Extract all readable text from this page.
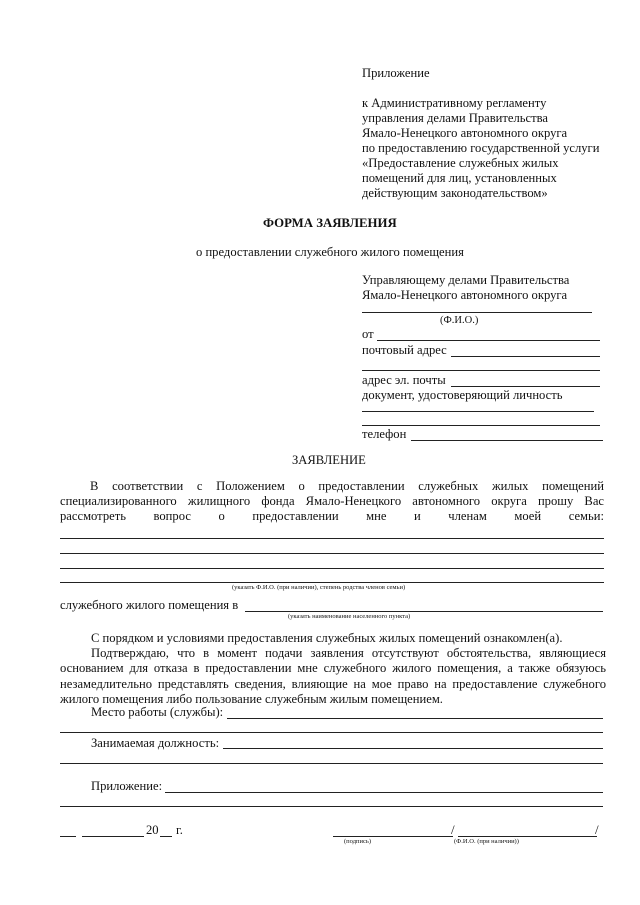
Приложение
к Административному регламенту
управления делами Правительства
Ямало-Ненецкого автономного округа
по предоставлению государственной услуги
«Предоставление служебных жилых
помещений для лиц, установленных
действующим законодательством»
ФОРМА ЗАЯВЛЕНИЯ
о предоставлении служебного жилого помещения
Управляющему делами Правительства
Ямало-Ненецкого автономного округа
(Ф.И.О.)
от
почтовый адрес
адрес эл. почты
документ, удостоверяющий личность
телефон
ЗАЯВЛЕНИЕ
В соответствии с Положением о предоставлении служебных жилых помещений
специализированного жилищного фонда Ямало-Ненецкого автономного округа прошу Вас
рассмотреть вопрос о предоставлении мне и членам моей семьи:
(указать Ф.И.О. (при наличии), степень родства членов семьи)
служебного жилого помещения в
(указать наименование населенного пункта)
С порядком и условиями предоставления служебных жилых помещений ознакомлен(а).
Подтверждаю, что в момент подачи заявления отсутствуют обстоятельства, являющиеся основанием для отказа в предоставлении мне служебного жилого помещения, а также обязуюсь незамедлительно представлять сведения, влияющие на мое право на предоставление служебного жилого помещения либо пользование служебным жилым помещением.
Место работы (службы):
Занимаемая должность:
Приложение:
20 г.	/	/
(подпись)	(Ф.И.О. (при наличии))
